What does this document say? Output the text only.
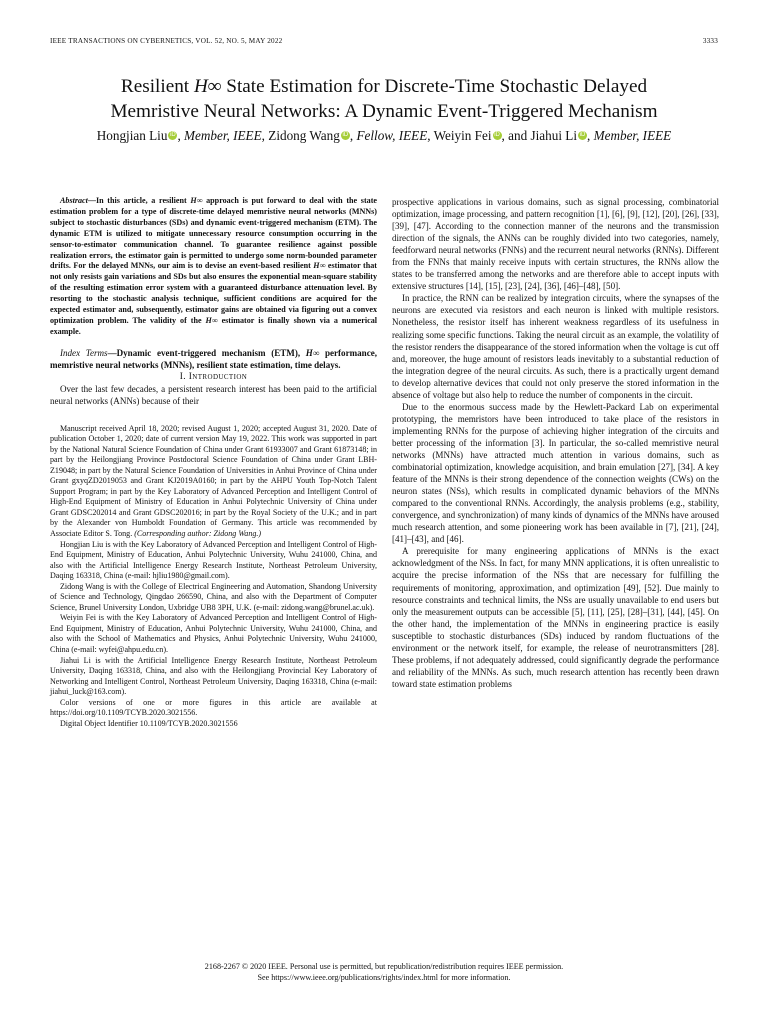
IEEE TRANSACTIONS ON CYBERNETICS, VOL. 52, NO. 5, MAY 2022	3333
Resilient H∞ State Estimation for Discrete-Time Stochastic Delayed
Memristive Neural Networks: A Dynamic Event-Triggered Mechanism
Hongjian Liu iD , Member, IEEE, Zidong Wang iD , Fellow, IEEE, Weiyin Fei iD , and Jiahui Li iD , Member, IEEE

Abstract—In this article, a resilient H∞ approach is put forward to deal with the state estimation problem for a type of discrete-time delayed memristive neural networks (MNNs) subject to stochastic disturbances (SDs) and dynamic event-triggered mechanism (ETM). The dynamic ETM is utilized to mitigate unnecessary resource consumption occurring in the sensor-to-estimator communication channel. To guarantee resilience against possible realization errors, the estimator gain is permitted to undergo some norm-bounded parameter drifts. For the delayed MNNs, our aim is to devise an event-based resilient H∞ estimator that not only resists gain variations and SDs but also ensures the exponential mean-square stability of the resulting estimation error system with a guaranteed disturbance attenuation level. By resorting to the stochastic analysis technique, sufficient conditions are acquired for the expected estimator and, subsequently, estimator gains are obtained via figuring out a convex optimization problem. The validity of the H∞ estimator is finally shown via a numerical example.

Index Terms—Dynamic event-triggered mechanism (ETM), H∞ performance, memristive neural networks (MNNs), resilient state estimation, time delays.

I. Introduction

Over the last few decades, a persistent research interest has been paid to the artificial neural networks (ANNs) because of their

Manuscript received April 18, 2020; revised August 1, 2020; accepted August 31, 2020. Date of publication October 1, 2020; date of current version May 19, 2022. This work was supported in part by the National Natural Science Foundation of China under Grant 61933007 and Grant 61873148; in part by the Heilongjiang Province Postdoctoral Science Foundation of China under Grant LBH-Z19048; in part by the Natural Science Foundation of Universities in Anhui Province of China under Grant gxyqZD2019053 and Grant KJ2019A0160; in part by the AHPU Youth Top-Notch Talent Support Program; in part by the Key Laboratory of Advanced Perception and Intelligent Control of High-End Equipment of Ministry of Education in Anhui Polytechnic University of China under Grant GDSC202014 and Grant GDSC202016; in part by the Royal Society of the U.K.; and in part by the Alexander von Humboldt Foundation of Germany. This article was recommended by Associate Editor S. Tong. (Corresponding author: Zidong Wang.)

Hongjian Liu is with the Key Laboratory of Advanced Perception and Intelligent Control of High-End Equipment, Ministry of Education, Anhui Polytechnic University, Wuhu 241000, China, and also with the Artificial Intelligence Energy Research Institute, Northeast Petroleum University, Daqing 163318, China (e-mail: hjliu1980@gmail.com).

Zidong Wang is with the College of Electrical Engineering and Automation, Shandong University of Science and Technology, Qingdao 266590, China, and also with the Department of Computer Science, Brunel University London, Uxbridge UB8 3PH, U.K. (e-mail: zidong.wang@brunel.ac.uk).

Weiyin Fei is with the Key Laboratory of Advanced Perception and Intelligent Control of High-End Equipment, Ministry of Education, Anhui Polytechnic University, Wuhu 241000, China, and also with the School of Mathematics and Physics, Anhui Polytechnic University, Wuhu 241000, China (e-mail: wyfei@ahpu.edu.cn).

Jiahui Li is with the Artificial Intelligence Energy Research Institute, Northeast Petroleum University, Daqing 163318, China, and also with the Heilongjiang Provincial Key Laboratory of Networking and Intelligent Control, Northeast Petroleum University, Daqing 163318, China (e-mail: jiahui_luck@163.com).

Color versions of one or more figures in this article are available at https://doi.org/10.1109/TCYB.2020.3021556.

Digital Object Identifier 10.1109/TCYB.2020.3021556

prospective applications in various domains, such as signal processing, combinatorial optimization, image processing, and pattern recognition [1], [6], [9], [12], [20], [26], [33], [39], [47]. According to the connection manner of the neurons and the transmission direction of the signals, the ANNs can be roughly divided into two categories, namely, feedforward neural networks (FNNs) and the recurrent neural networks (RNNs). Different from the FNNs that mainly receive inputs with certain structures, the RNNs allow the states to be transferred among the networks and are therefore able to accept inputs with extensive structures [14], [15], [23], [24], [36], [46]–[48], [50].

In practice, the RNN can be realized by integration circuits, where the synapses of the neurons are executed via resistors and each neuron is linked with multiple resistors. Nonetheless, the resistor itself has inherent weakness regardless of its usefulness in realizing some specific functions. Taking the neural circuit as an example, the volatility of the resistor renders the disappearance of the stored information when the voltage is cut off and, moreover, the huge amount of resistors leads inevitably to a substantial reduction of the integration degree of the neural circuits. As such, there is a practically urgent demand to develop alternative devices that could not only preserve the stored information in the absence of voltage but also help to reduce the number of components in the circuit.

Due to the enormous success made by the Hewlett-Packard Lab on experimental prototyping, the memristors have been introduced to take place of the resistors in implementing RNNs for the purpose of achieving higher integration of the circuits and better processing of the information [3]. In particular, the so-called memristive neural networks (MNNs) have attracted much attention in various domains, such as combinatorial optimization, knowledge acquisition, and brain emulation [27], [34]. A key feature of the MNNs is their strong dependence of the connection weights (CWs) on the neuron states (NSs), which results in complicated dynamic behaviors of the MNNs compared to the conventional RNNs. Accordingly, the analysis problems (e.g., stability, convergence, and synchronization) of many kinds of dynamics of the MNNs have aroused much research attention, and some pioneering work has been available in [7], [21], [24], [41]–[43], and [46].

A prerequisite for many engineering applications of MNNs is the exact acknowledgment of the NSs. In fact, for many MNN applications, it is often unrealistic to acquire the precise information of the NSs that are necessary for fulfilling the requirements of monitoring, approximation, and optimization [49], [52]. Due mainly to resource constraints and technical limits, the NSs are usually unavailable to end users but only the measurement outputs can be accessible [5], [11], [25], [28]–[31], [44], [45]. On the other hand, the implementation of the MNNs in engineering practice is easily susceptible to stochastic disturbances (SDs) induced by random fluctuations of the environment or the network itself, for example, the release of neurotransmitters [28]. These problems, if not adequately addressed, could significantly degrade the performance and reliability of the MNNs. As such, much research attention has recently been drawn toward state estimation problems

2168-2267 © 2020 IEEE. Personal use is permitted, but republication/redistribution requires IEEE permission.
See https://www.ieee.org/publications/rights/index.html for more information.
